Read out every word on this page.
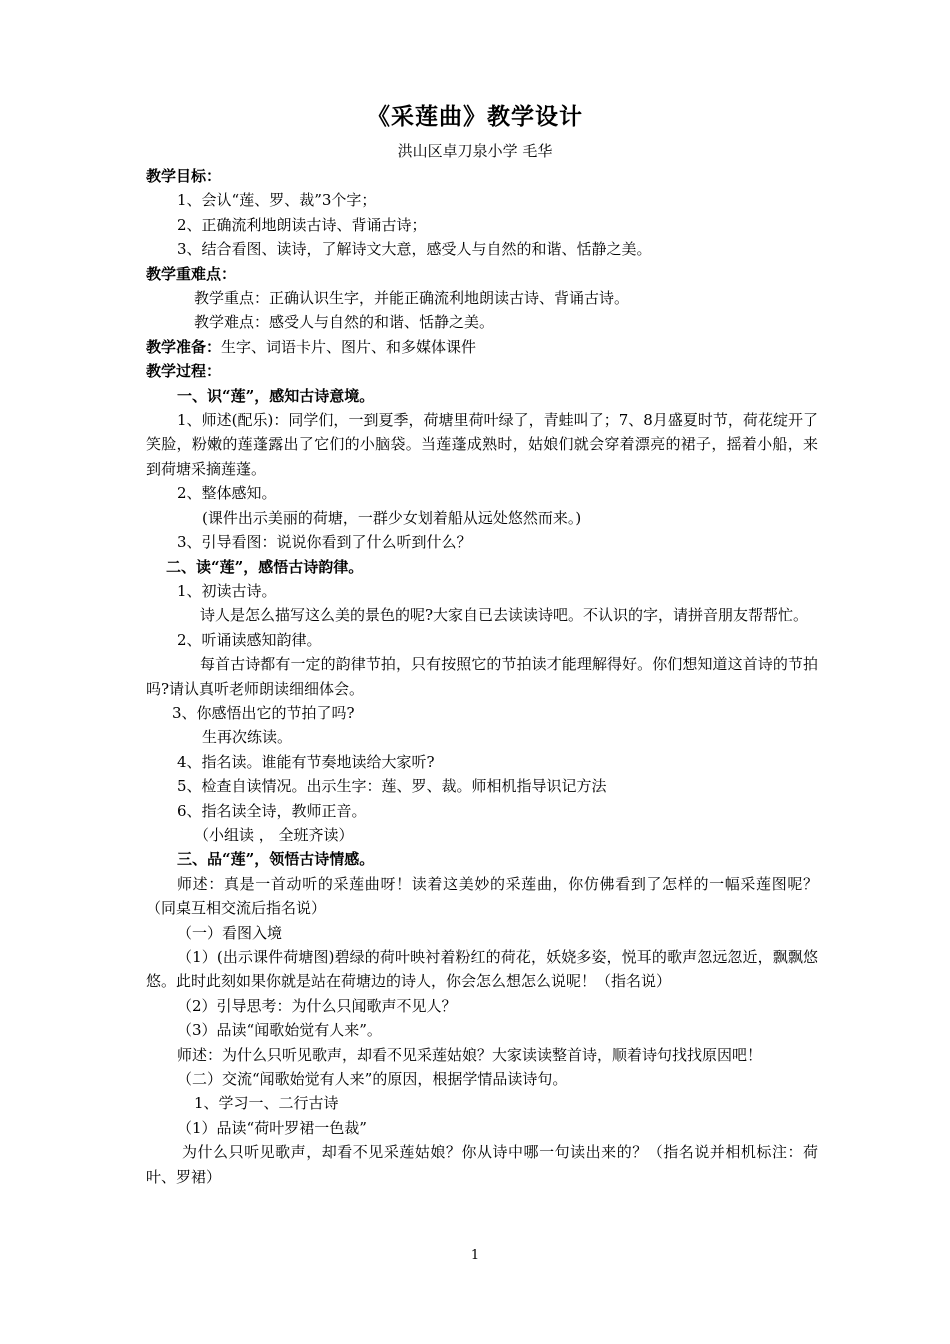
《采莲曲》教学设计
洪山区卓刀泉小学 毛华

教学目标：

1、会认“莲、罗、裁”3个字；

2、正确流利地朗读古诗、背诵古诗；

3、结合看图、读诗，了解诗文大意，感受人与自然的和谐、恬静之美。

教学重难点：

教学重点：正确认识生字，并能正确流利地朗读古诗、背诵古诗。

教学难点：感受人与自然的和谐、恬静之美。

教学准备：生字、词语卡片、图片、和多媒体课件

教学过程：

一、识“莲”，感知古诗意境。

1、师述(配乐)：同学们，一到夏季，荷塘里荷叶绿了，青蛙叫了；7、8月盛夏时节，荷花绽开了笑脸，粉嫩的莲蓬露出了它们的小脑袋。当莲蓬成熟时，姑娘们就会穿着漂亮的裙子，摇着小船，来到荷塘采摘莲蓬。

2、整体感知。

(课件出示美丽的荷塘，一群少女划着船从远处悠然而来。)

3、引导看图：说说你看到了什么听到什么？

二、读“莲”，感悟古诗韵律。

1、初读古诗。

诗人是怎么描写这么美的景色的呢?大家自已去读读诗吧。不认识的字，请拼音朋友帮帮忙。

2、听诵读感知韵律。

每首古诗都有一定的韵律节拍，只有按照它的节拍读才能理解得好。你们想知道这首诗的节拍吗?请认真听老师朗读细细体会。

3、你感悟出它的节拍了吗?

生再次练读。

4、指名读。谁能有节奏地读给大家听?

5、检查自读情况。出示生字：莲、罗、裁。师相机指导识记方法

6、指名读全诗，教师正音。

（小组读 ， 全班齐读）

三、品“莲”，领悟古诗情感。

师述：真是一首动听的采莲曲呀！读着这美妙的采莲曲，你仿佛看到了怎样的一幅采莲图呢？（同桌互相交流后指名说）

（一）看图入境

（1）(出示课件荷塘图)碧绿的荷叶映衬着粉红的荷花，妖娆多姿，悦耳的歌声忽远忽近，飘飘悠悠。此时此刻如果你就是站在荷塘边的诗人，你会怎么想怎么说呢！（指名说）

（2）引导思考：为什么只闻歌声不见人？

（3）品读“闻歌始觉有人来”。

师述：为什么只听见歌声，却看不见采莲姑娘？大家读读整首诗，顺着诗句找找原因吧！

（二）交流“闻歌始觉有人来”的原因，根据学情品读诗句。

1、学习一、二行古诗

（1）品读“荷叶罗裙一色裁”

为什么只听见歌声，却看不见采莲姑娘？你从诗中哪一句读出来的？（指名说并相机标注：荷叶、罗裙）

1
